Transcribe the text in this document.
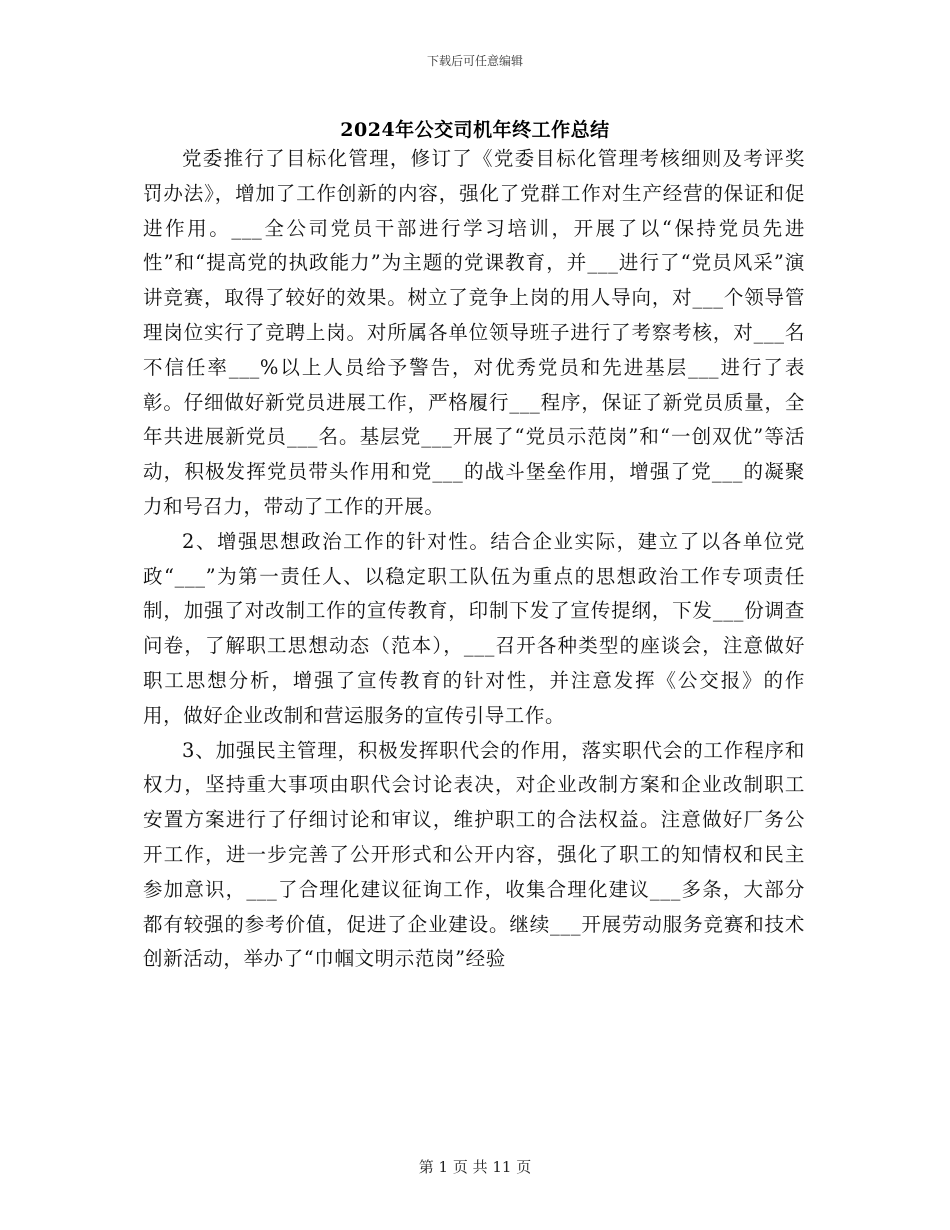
下载后可任意编辑
2024年公交司机年终工作总结

党委推行了目标化管理，修订了《党委目标化管理考核细则及考评奖罚办法》，增加了工作创新的内容，强化了党群工作对生产经营的保证和促进作用。___全公司党员干部进行学习培训，开展了以“保持党员先进性”和“提高党的执政能力”为主题的党课教育，并___进行了“党员风采”演讲竞赛，取得了较好的效果。树立了竞争上岗的用人导向，对___个领导管理岗位实行了竞聘上岗。对所属各单位领导班子进行了考察考核，对___名不信任率___%以上人员给予警告，对优秀党员和先进基层___进行了表彰。仔细做好新党员进展工作，严格履行___程序，保证了新党员质量，全年共进展新党员___名。基层党___开展了“党员示范岗”和“一创双优”等活动，积极发挥党员带头作用和党___的战斗堡垒作用，增强了党___的凝聚力和号召力，带动了工作的开展。

2、增强思想政治工作的针对性。结合企业实际，建立了以各单位党政“___”为第一责任人、以稳定职工队伍为重点的思想政治工作专项责任制，加强了对改制工作的宣传教育，印制下发了宣传提纲，下发___份调查问卷，了解职工思想动态（范本），___召开各种类型的座谈会，注意做好职工思想分析，增强了宣传教育的针对性，并注意发挥《公交报》的作用，做好企业改制和营运服务的宣传引导工作。

3、加强民主管理，积极发挥职代会的作用，落实职代会的工作程序和权力，坚持重大事项由职代会讨论表决，对企业改制方案和企业改制职工安置方案进行了仔细讨论和审议，维护职工的合法权益。注意做好厂务公开工作，进一步完善了公开形式和公开内容，强化了职工的知情权和民主参加意识，___了合理化建议征询工作，收集合理化建议___多条，大部分都有较强的参考价值，促进了企业建设。继续___开展劳动服务竞赛和技术创新活动，举办了“巾帼文明示范岗”经验

第 1 页 共 11 页
